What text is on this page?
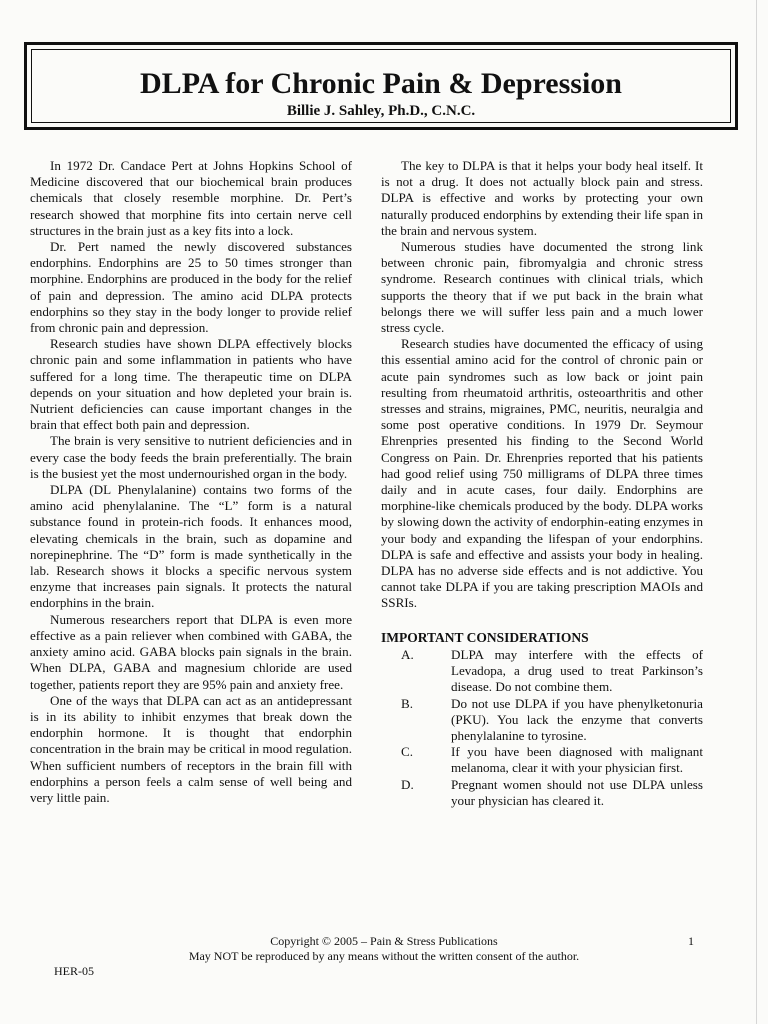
DLPA for Chronic Pain & Depression
Billie J. Sahley, Ph.D., C.N.C.

In 1972 Dr. Candace Pert at Johns Hopkins School of Medicine discovered that our biochemical brain produces chemicals that closely resemble morphine. Dr. Pert’s research showed that morphine fits into certain nerve cell structures in the brain just as a key fits into a lock.

Dr. Pert named the newly discovered substances endorphins. Endorphins are 25 to 50 times stronger than morphine. Endorphins are produced in the body for the relief of pain and depression. The amino acid DLPA protects endorphins so they stay in the body longer to provide relief from chronic pain and depression.

Research studies have shown DLPA effectively blocks chronic pain and some inflammation in patients who have suffered for a long time. The therapeutic time on DLPA depends on your situation and how depleted your brain is. Nutrient deficiencies can cause important changes in the brain that effect both pain and depression.

The brain is very sensitive to nutrient deficiencies and in every case the body feeds the brain preferentially. The brain is the busiest yet the most undernourished organ in the body.

DLPA (DL Phenylalanine) contains two forms of the amino acid phenylalanine. The “L” form is a natural substance found in protein-rich foods. It enhances mood, elevating chemicals in the brain, such as dopamine and norepinephrine. The “D” form is made synthetically in the lab. Research shows it blocks a specific nervous system enzyme that increases pain signals. It protects the natural endorphins in the brain.

Numerous researchers report that DLPA is even more effective as a pain reliever when combined with GABA, the anxiety amino acid. GABA blocks pain signals in the brain. When DLPA, GABA and magnesium chloride are used together, patients report they are 95% pain and anxiety free.

One of the ways that DLPA can act as an antidepressant is in its ability to inhibit enzymes that break down the endorphin hormone. It is thought that endorphin concentration in the brain may be critical in mood regulation. When sufficient numbers of receptors in the brain fill with endorphins a person feels a calm sense of well being and very little pain.

The key to DLPA is that it helps your body heal itself. It is not a drug. It does not actually block pain and stress. DLPA is effective and works by protecting your own naturally produced endorphins by extending their life span in the brain and nervous system.

Numerous studies have documented the strong link between chronic pain, fibromyalgia and chronic stress syndrome. Research continues with clinical trials, which supports the theory that if we put back in the brain what belongs there we will suffer less pain and a much lower stress cycle.

Research studies have documented the efficacy of using this essential amino acid for the control of chronic pain or acute pain syndromes such as low back or joint pain resulting from rheumatoid arthritis, osteoarthritis and other stresses and strains, migraines, PMC, neuritis, neuralgia and some post operative conditions. In 1979 Dr. Seymour Ehrenpries presented his finding to the Second World Congress on Pain. Dr. Ehrenpries reported that his patients had good relief using 750 milligrams of DLPA three times daily and in acute cases, four daily. Endorphins are morphine-like chemicals produced by the body. DLPA works by slowing down the activity of endorphin-eating enzymes in your body and expanding the lifespan of your endorphins. DLPA is safe and effective and assists your body in healing. DLPA has no adverse side effects and is not addictive. You cannot take DLPA if you are taking prescription MAOIs and SSRIs.

IMPORTANT CONSIDERATIONS
A.	DLPA may interfere with the effects of Levadopa, a drug used to treat Parkinson’s disease. Do not combine them.
B.	Do not use DLPA if you have phenylketonuria (PKU). You lack the enzyme that converts phenylalanine to tyrosine.
C.	If you have been diagnosed with malignant melanoma, clear it with your physician first.
D.	Pregnant women should not use DLPA unless your physician has cleared it.
Copyright © 2005 – Pain & Stress Publications
May NOT be reproduced by any means without the written consent of the author.
1
HER-05
